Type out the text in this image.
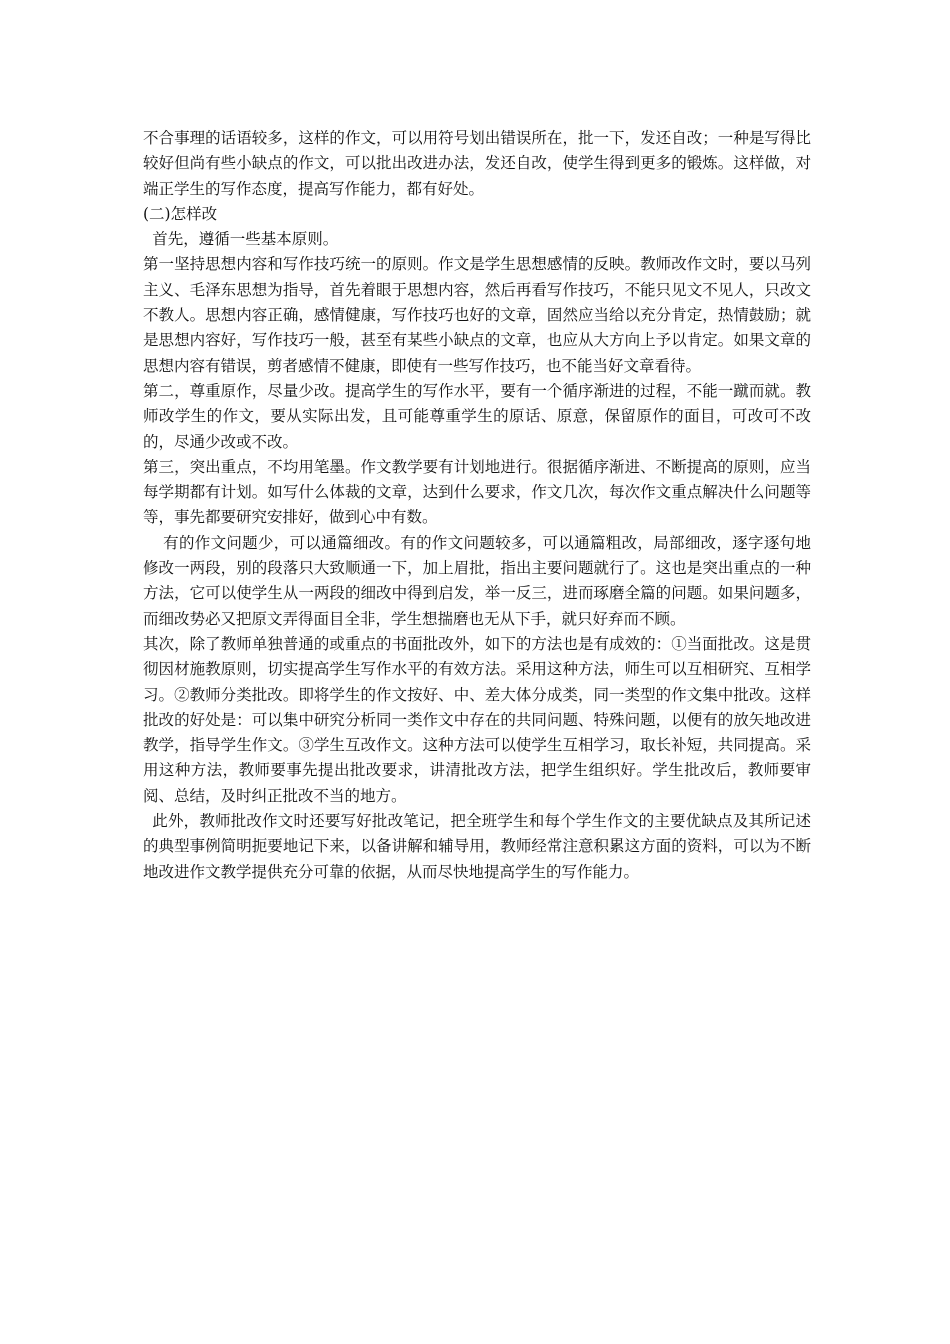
不合事理的话语较多，这样的作文，可以用符号划出错误所在，批一下，发还自改；一种是写得比较好但尚有些小缺点的作文，可以批出改进办法，发还自改，使学生得到更多的锻炼。这样做，对端正学生的写作态度，提高写作能力，都有好处。

(二)怎样改

首先，遵循一些基本原则。

第一坚持思想内容和写作技巧统一的原则。作文是学生思想感情的反映。教师改作文时，要以马列主义、毛泽东思想为指导，首先着眼于思想内容，然后再看写作技巧，不能只见文不见人，只改文不教人。思想内容正确，感情健康，写作技巧也好的文章，固然应当给以充分肯定，热情鼓励；就是思想内容好，写作技巧一般，甚至有某些小缺点的文章，也应从大方向上予以肯定。如果文章的思想内容有错误，剪者感情不健康，即使有一些写作技巧，也不能当好文章看待。

第二，尊重原作，尽量少改。提高学生的写作水平，要有一个循序渐进的过程，不能一蹴而就。教师改学生的作文，要从实际出发，且可能尊重学生的原话、原意，保留原作的面目，可改可不改的，尽通少改或不改。

第三，突出重点，不均用笔墨。作文教学要有计划地进行。很据循序渐进、不断提高的原则，应当每学期都有计划。如写什么体裁的文章，达到什么要求，作文几次，每次作文重点解决什么问题等等，事先都要研究安排好，做到心中有数。

有的作文问题少，可以通篇细改。有的作文问题较多，可以通篇粗改，局部细改，逐字逐句地修改一两段，别的段落只大致顺通一下，加上眉批，指出主要问题就行了。这也是突出重点的一种方法，它可以使学生从一两段的细改中得到启发，举一反三，进而琢磨全篇的问题。如果问题多，而细改势必又把原文弄得面目全非，学生想揣磨也无从下手，就只好弃而不顾。

其次，除了教师单独普通的或重点的书面批改外，如下的方法也是有成效的：①当面批改。这是贯彻因材施教原则，切实提高学生写作水平的有效方法。采用这种方法，师生可以互相研究、互相学习。②教师分类批改。即将学生的作文按好、中、差大体分成类，同一类型的作文集中批改。这样批改的好处是：可以集中研究分析同一类作文中存在的共同问题、特殊问题，以便有的放矢地改进教学，指导学生作文。③学生互改作文。这种方法可以使学生互相学习，取长补短，共同提高。采用这种方法，教师要事先提出批改要求，讲清批改方法，把学生组织好。学生批改后，教师要审阅、总结，及时纠正批改不当的地方。

此外，教师批改作文时还要写好批改笔记，把全班学生和每个学生作文的主要优缺点及其所记述的典型事例简明扼要地记下来，以备讲解和辅导用，教师经常注意积累这方面的资料，可以为不断地改进作文教学提供充分可靠的依据，从而尽快地提高学生的写作能力。
